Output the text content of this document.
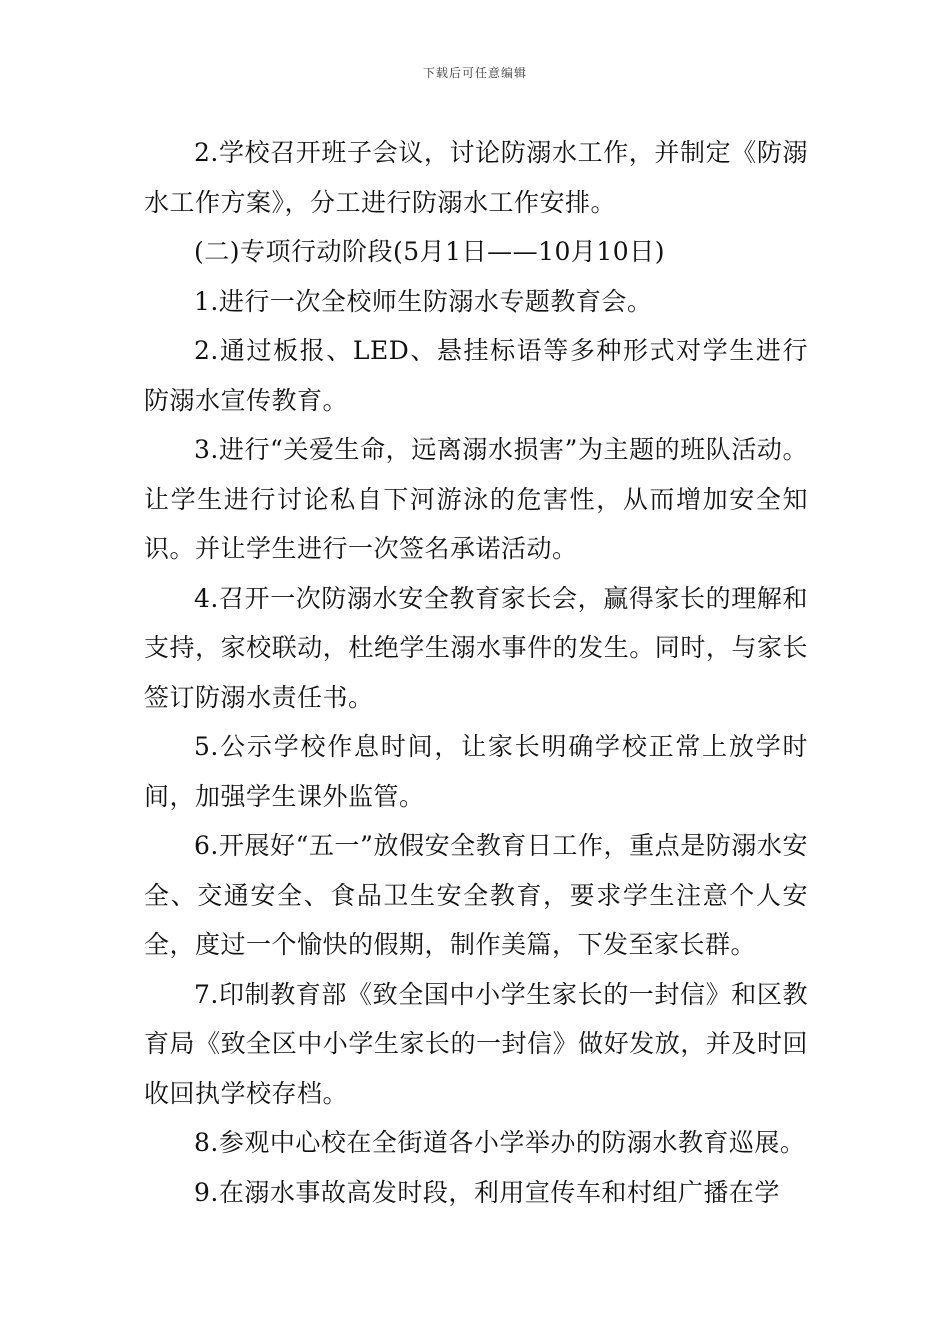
下载后可任意编辑

2.学校召开班子会议，讨论防溺水工作，并制定《防溺水工作方案》，分工进行防溺水工作安排。

(二)专项行动阶段(5月1日——10月10日)

1.进行一次全校师生防溺水专题教育会。

2.通过板报、LED、悬挂标语等多种形式对学生进行防溺水宣传教育。

3.进行“关爱生命，远离溺水损害”为主题的班队活动。让学生进行讨论私自下河游泳的危害性，从而增加安全知识。并让学生进行一次签名承诺活动。

4.召开一次防溺水安全教育家长会，赢得家长的理解和支持，家校联动，杜绝学生溺水事件的发生。同时，与家长签订防溺水责任书。

5.公示学校作息时间，让家长明确学校正常上放学时间，加强学生课外监管。

6.开展好“五一”放假安全教育日工作，重点是防溺水安全、交通安全、食品卫生安全教育，要求学生注意个人安全，度过一个愉快的假期，制作美篇，下发至家长群。

7.印制教育部《致全国中小学生家长的一封信》和区教育局《致全区中小学生家长的一封信》做好发放，并及时回收回执学校存档。

8.参观中心校在全街道各小学举办的防溺水教育巡展。

9.在溺水事故高发时段，利用宣传车和村组广播在学
